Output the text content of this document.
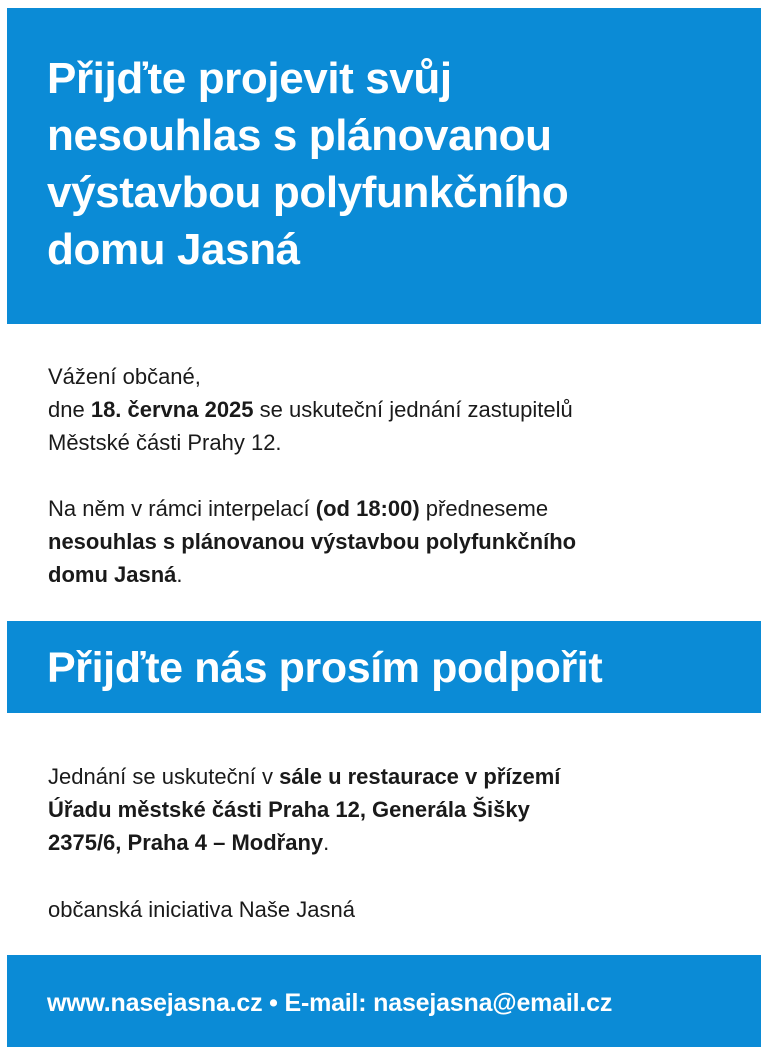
Přijďte projevit svůj
nesouhlas s plánovanou
výstavbou polyfunkčního
domu Jasná

Vážení občané,
dne 18. června 2025 se uskuteční jednání zastupitelů
Městské části Prahy 12.

Na něm v rámci interpelací (od 18:00) předneseme
nesouhlas s plánovanou výstavbou polyfunkčního
domu Jasná.

Přijďte nás prosím podpořit

Jednání se uskuteční v sále u restaurace v přízemí
Úřadu městské části Praha 12, Generála Šišky
2375/6, Praha 4 – Modřany.

občanská iniciativa Naše Jasná

www.nasejasna.cz • E-mail: nasejasna@email.cz
